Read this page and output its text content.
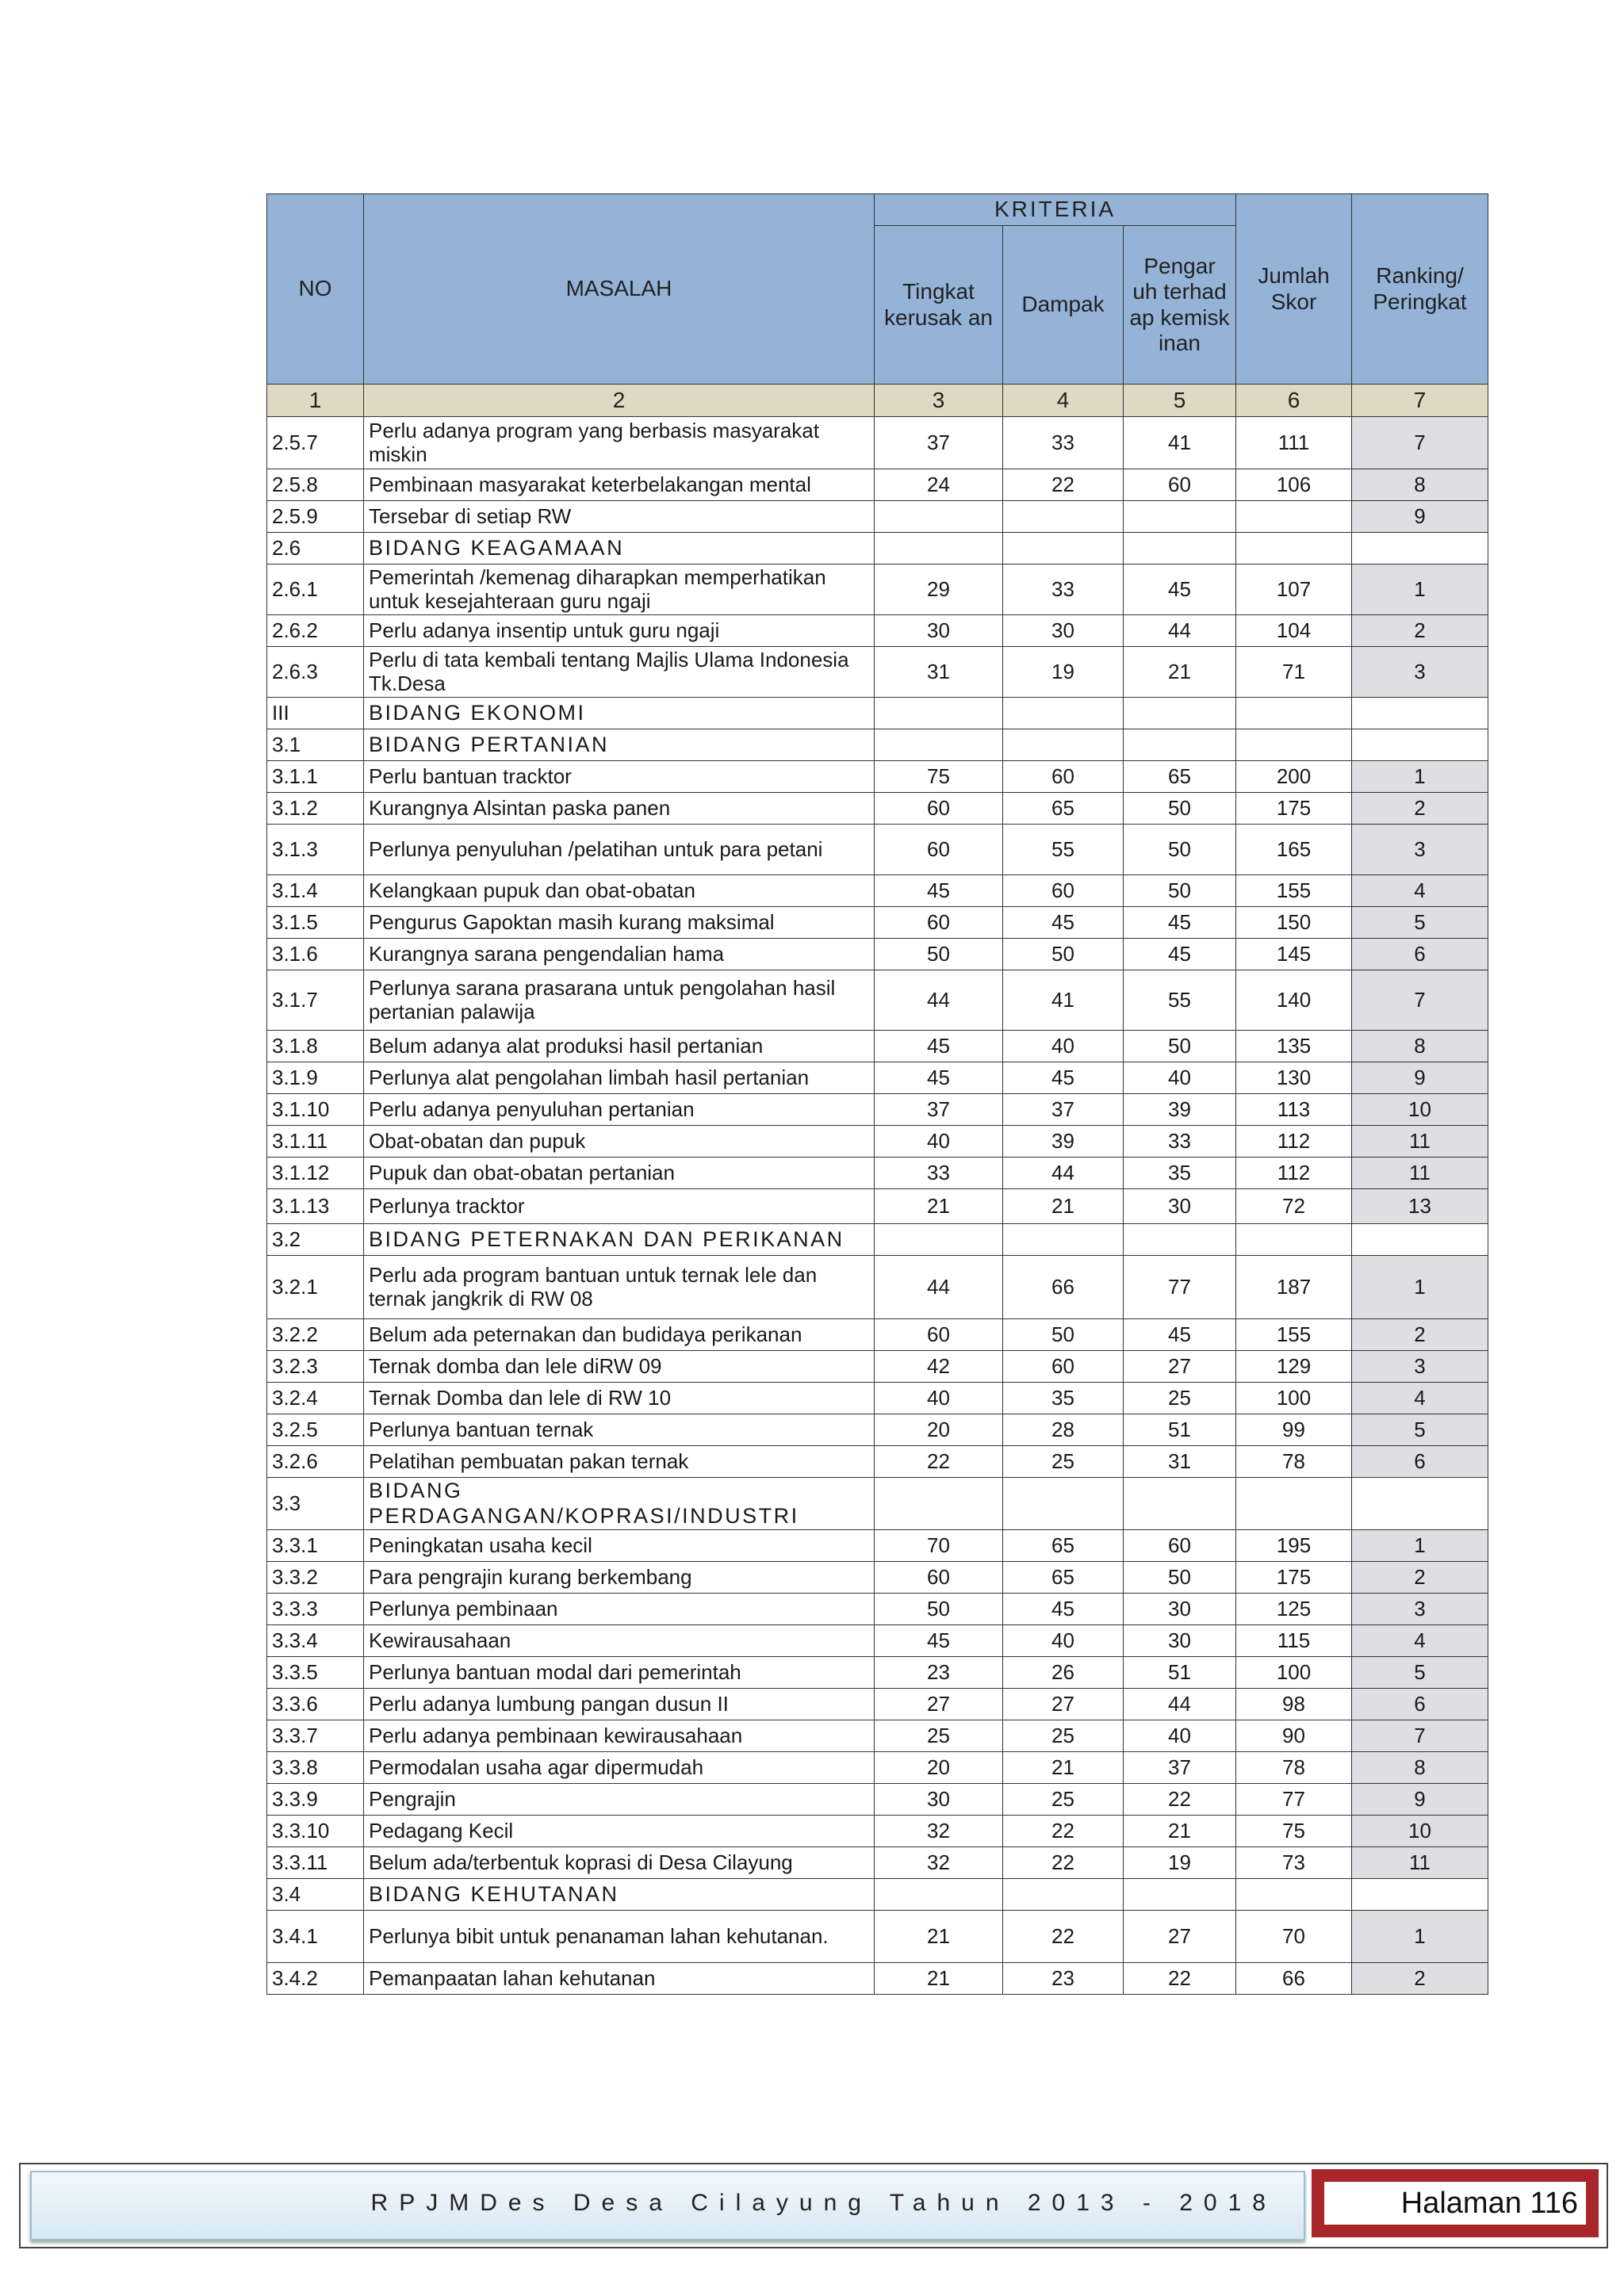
NO	MASALAH	KRITERIA			Jumlah Skor	Ranking/ Peringkat
		Tingkat kerusak an	Dampak	Pengar uh terhad ap kemisk inan		
1	2	3	4	5	6	7
2.5.7	Perlu adanya program yang berbasis masyarakat miskin	37	33	41	111	7
2.5.8	Pembinaan masyarakat keterbelakangan mental	24	22	60	106	8
2.5.9	Tersebar di setiap RW					9
2.6	BIDANG KEAGAMAAN					
2.6.1	Pemerintah /kemenag diharapkan memperhatikan untuk kesejahteraan guru ngaji	29	33	45	107	1
2.6.2	Perlu adanya insentip untuk guru ngaji	30	30	44	104	2
2.6.3	Perlu di tata kembali tentang Majlis Ulama Indonesia Tk.Desa	31	19	21	71	3
III	BIDANG EKONOMI					
3.1	BIDANG PERTANIAN					
3.1.1	Perlu bantuan tracktor	75	60	65	200	1
3.1.2	Kurangnya Alsintan paska panen	60	65	50	175	2
3.1.3	Perlunya penyuluhan /pelatihan untuk para petani	60	55	50	165	3
3.1.4	Kelangkaan pupuk dan obat-obatan	45	60	50	155	4
3.1.5	Pengurus Gapoktan masih kurang maksimal	60	45	45	150	5
3.1.6	Kurangnya sarana pengendalian hama	50	50	45	145	6
3.1.7	Perlunya sarana prasarana untuk pengolahan hasil pertanian palawija	44	41	55	140	7
3.1.8	Belum adanya alat produksi hasil pertanian	45	40	50	135	8
3.1.9	Perlunya alat pengolahan limbah hasil pertanian	45	45	40	130	9
3.1.10	Perlu adanya penyuluhan pertanian	37	37	39	113	10
3.1.11	Obat-obatan dan pupuk	40	39	33	112	11
3.1.12	Pupuk dan obat-obatan pertanian	33	44	35	112	11
3.1.13	Perlunya tracktor	21	21	30	72	13
3.2	BIDANG PETERNAKAN DAN PERIKANAN					
3.2.1	Perlu ada program bantuan untuk ternak lele dan ternak jangkrik di RW 08	44	66	77	187	1
3.2.2	Belum ada peternakan dan budidaya perikanan	60	50	45	155	2
3.2.3	Ternak domba dan lele diRW 09	42	60	27	129	3
3.2.4	Ternak Domba dan lele di RW 10	40	35	25	100	4
3.2.5	Perlunya bantuan ternak	20	28	51	99	5
3.2.6	Pelatihan pembuatan pakan ternak	22	25	31	78	6
3.3	BIDANG PERDAGANGAN/KOPRASI/INDUSTRI					
3.3.1	Peningkatan usaha kecil	70	65	60	195	1
3.3.2	Para pengrajin kurang berkembang	60	65	50	175	2
3.3.3	Perlunya pembinaan	50	45	30	125	3
3.3.4	Kewirausahaan	45	40	30	115	4
3.3.5	Perlunya bantuan modal dari pemerintah	23	26	51	100	5
3.3.6	Perlu adanya lumbung pangan dusun II	27	27	44	98	6
3.3.7	Perlu adanya pembinaan kewirausahaan	25	25	40	90	7
3.3.8	Permodalan usaha agar dipermudah	20	21	37	78	8
3.3.9	Pengrajin	30	25	22	77	9
3.3.10	Pedagang Kecil	32	22	21	75	10
3.3.11	Belum ada/terbentuk koprasi di Desa Cilayung	32	22	19	73	11
3.4	BIDANG KEHUTANAN					
3.4.1	Perlunya bibit untuk penanaman lahan kehutanan.	21	22	27	70	1
3.4.2	Pemanpaatan lahan kehutanan	21	23	22	66	2
RPJMDes Desa Cilayung Tahun 2013 - 2018	Halaman 116
